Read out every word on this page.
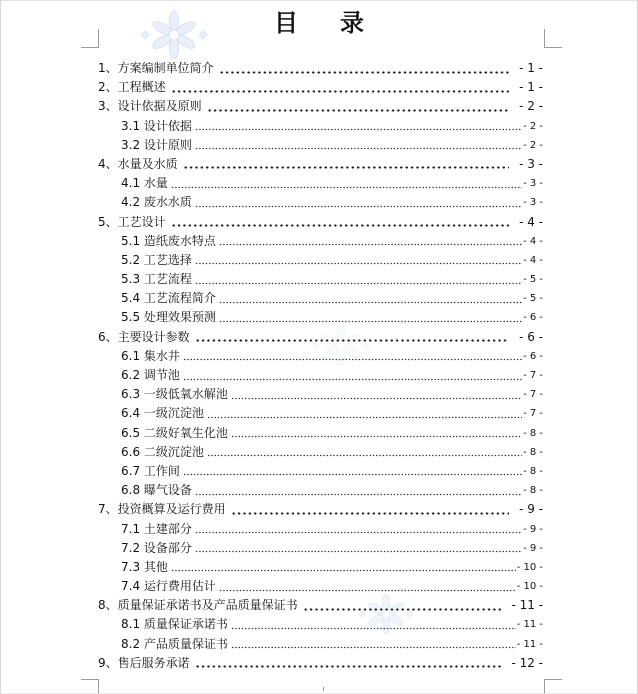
目　录
1、方案编制单位简介	- 1 -
2、工程概述	- 1 -
3、设计依据及原则	- 2 -
3.1 设计依据	- 2 -
3.2 设计原则	- 2 -
4、水量及水质	- 3 -
4.1 水量	- 3 -
4.2 废水水质	- 3 -
5、工艺设计	- 4 -
5.1 造纸废水特点	- 4 -
5.2 工艺选择	- 4 -
5.3 工艺流程	- 5 -
5.4 工艺流程简介	- 5 -
5.5 处理效果预测	- 6 -
6、主要设计参数	- 6 -
6.1 集水井	- 6 -
6.2 调节池	- 7 -
6.3 一级低氧水解池	- 7 -
6.4 一级沉淀池	- 7 -
6.5 二级好氧生化池	- 8 -
6.6 二级沉淀池	- 8 -
6.7 工作间	- 8 -
6.8 曝气设备	- 8 -
7、投资概算及运行费用	- 9 -
7.1 土建部分	- 9 -
7.2 设备部分	- 9 -
7.3 其他	- 10 -
7.4 运行费用估计	- 10 -
8、质量保证承诺书及产品质量保证书	- 11 -
8.1 质量保证承诺书	- 11 -
8.2 产品质量保证书	- 11 -
9、售后服务承诺	- 12 -
